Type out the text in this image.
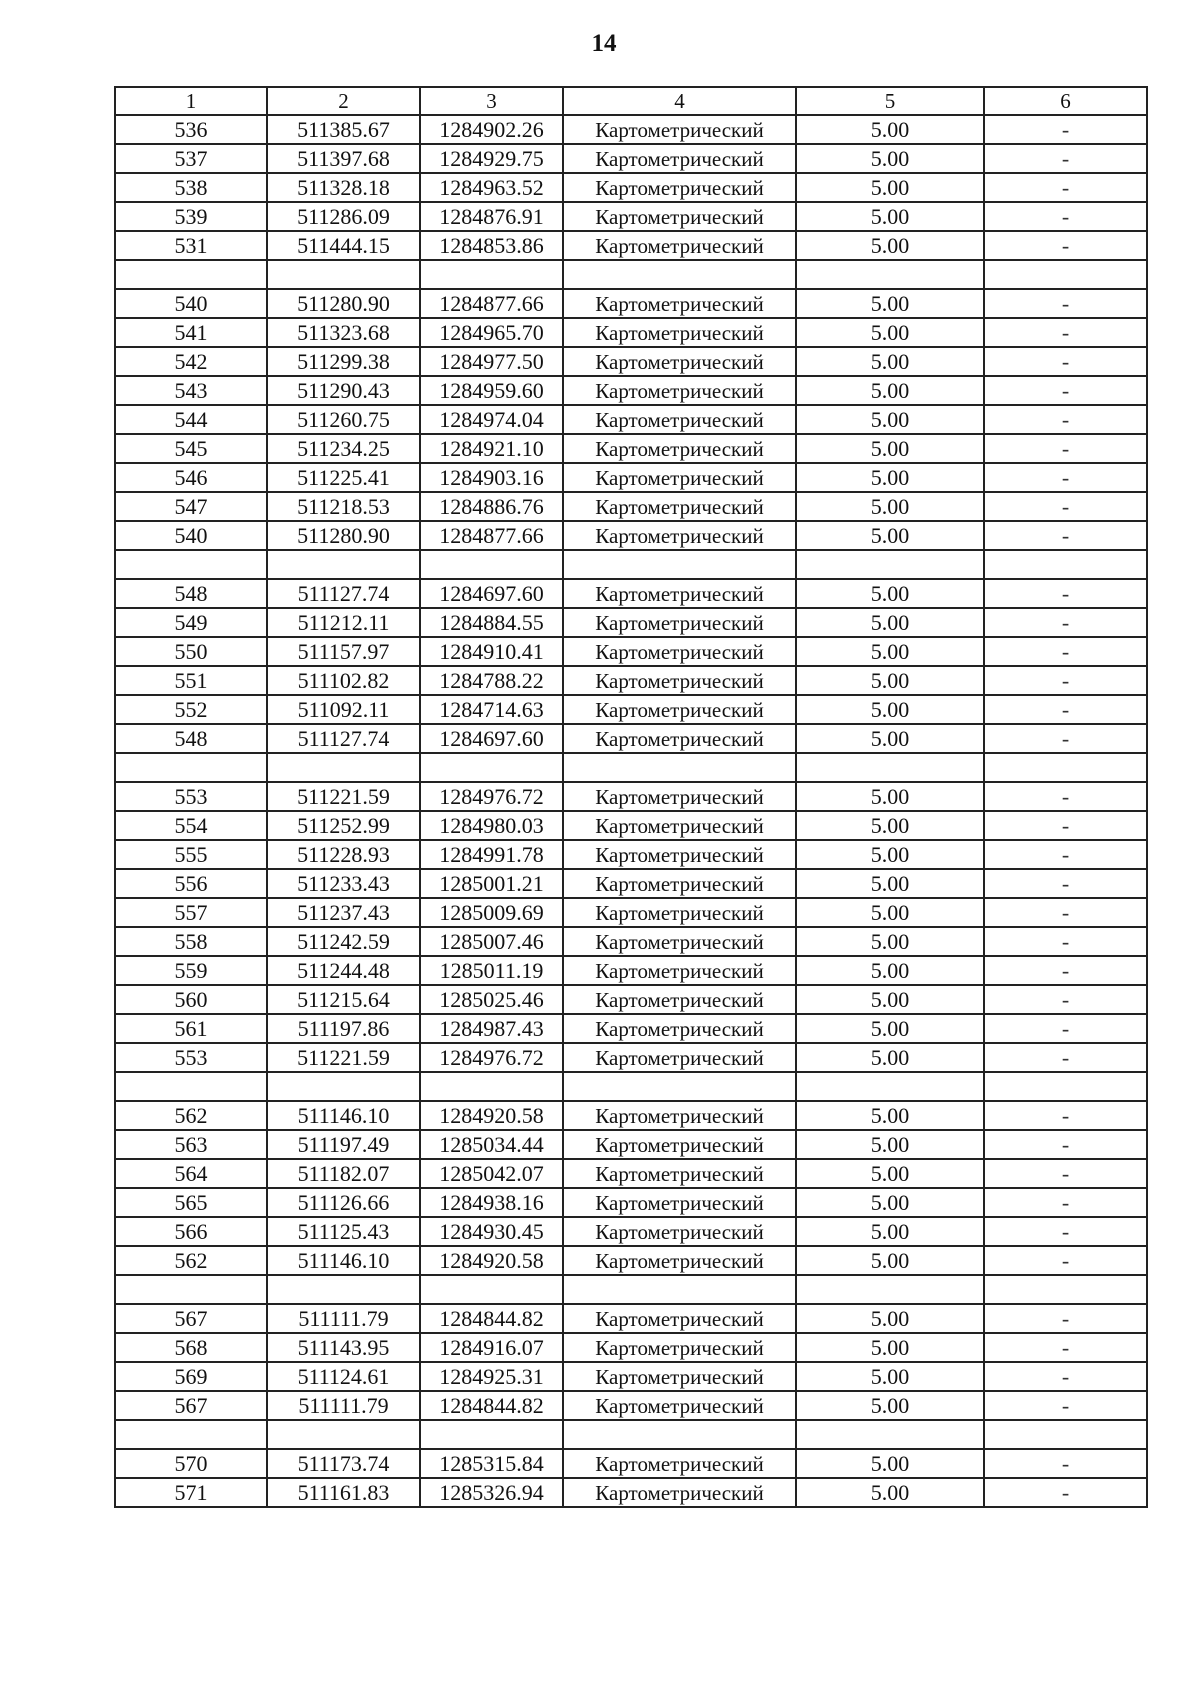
14
1	2	3	4	5	6
536	511385.67	1284902.26	Картометрический	5.00	-
537	511397.68	1284929.75	Картометрический	5.00	-
538	511328.18	1284963.52	Картометрический	5.00	-
539	511286.09	1284876.91	Картометрический	5.00	-
531	511444.15	1284853.86	Картометрический	5.00	-

540	511280.90	1284877.66	Картометрический	5.00	-
541	511323.68	1284965.70	Картометрический	5.00	-
542	511299.38	1284977.50	Картометрический	5.00	-
543	511290.43	1284959.60	Картометрический	5.00	-
544	511260.75	1284974.04	Картометрический	5.00	-
545	511234.25	1284921.10	Картометрический	5.00	-
546	511225.41	1284903.16	Картометрический	5.00	-
547	511218.53	1284886.76	Картометрический	5.00	-
540	511280.90	1284877.66	Картометрический	5.00	-

548	511127.74	1284697.60	Картометрический	5.00	-
549	511212.11	1284884.55	Картометрический	5.00	-
550	511157.97	1284910.41	Картометрический	5.00	-
551	511102.82	1284788.22	Картометрический	5.00	-
552	511092.11	1284714.63	Картометрический	5.00	-
548	511127.74	1284697.60	Картометрический	5.00	-

553	511221.59	1284976.72	Картометрический	5.00	-
554	511252.99	1284980.03	Картометрический	5.00	-
555	511228.93	1284991.78	Картометрический	5.00	-
556	511233.43	1285001.21	Картометрический	5.00	-
557	511237.43	1285009.69	Картометрический	5.00	-
558	511242.59	1285007.46	Картометрический	5.00	-
559	511244.48	1285011.19	Картометрический	5.00	-
560	511215.64	1285025.46	Картометрический	5.00	-
561	511197.86	1284987.43	Картометрический	5.00	-
553	511221.59	1284976.72	Картометрический	5.00	-

562	511146.10	1284920.58	Картометрический	5.00	-
563	511197.49	1285034.44	Картометрический	5.00	-
564	511182.07	1285042.07	Картометрический	5.00	-
565	511126.66	1284938.16	Картометрический	5.00	-
566	511125.43	1284930.45	Картометрический	5.00	-
562	511146.10	1284920.58	Картометрический	5.00	-

567	511111.79	1284844.82	Картометрический	5.00	-
568	511143.95	1284916.07	Картометрический	5.00	-
569	511124.61	1284925.31	Картометрический	5.00	-
567	511111.79	1284844.82	Картометрический	5.00	-

570	511173.74	1285315.84	Картометрический	5.00	-
571	511161.83	1285326.94	Картометрический	5.00	-
